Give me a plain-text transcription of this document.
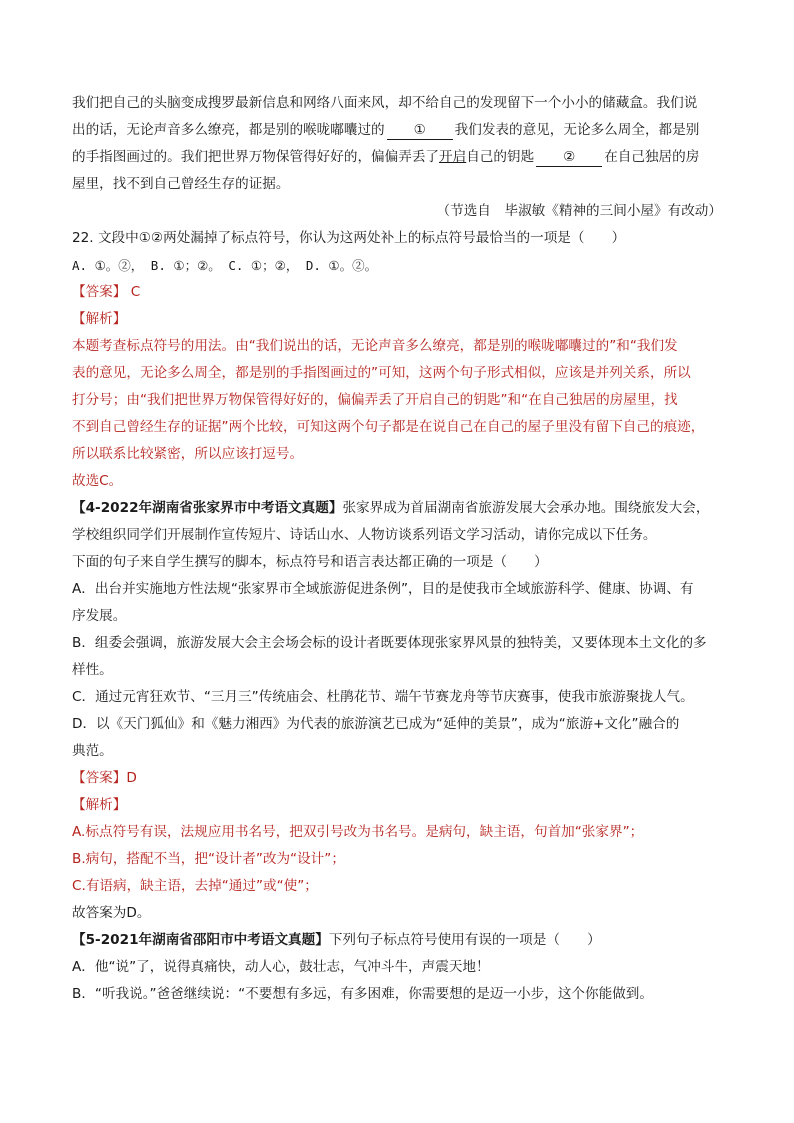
我们把自己的头脑变成搜罗最新信息和网络八面来风，却不给自己的发现留下一个小小的储藏盒。我们说
出的话，无论声音多么缭亮，都是别的喉咙嘟囔过的 ① 我们发表的意见，无论多么周全，都是别
的手指图画过的。我们把世界万物保管得好好的，偏偏弄丢了开启自己的钥匙 ② 在自己独居的房
屋里，找不到自己曾经生存的证据。
（节选自　毕淑敏《精神的三间小屋》有改动）
22. 文段中①②两处漏掉了标点符号，你认为这两处补上的标点符号最恰当的一项是（　　）
A. ①。②， B. ①；②。 C. ①；②， D. ①。②。
【答案】 C
【解析】
本题考查标点符号的用法。由“我们说出的话，无论声音多么缭亮，都是别的喉咙嘟囔过的”和“我们发
表的意见，无论多么周全，都是别的手指图画过的”可知，这两个句子形式相似，应该是并列关系，所以
打分号；由“我们把世界万物保管得好好的，偏偏弄丢了开启自己的钥匙”和“在自己独居的房屋里，找
不到自己曾经生存的证据”两个比较，可知这两个句子都是在说自己在自己的屋子里没有留下自己的痕迹，
所以联系比较紧密，所以应该打逗号。
故选C。
【4-2022年湖南省张家界市中考语文真题】张家界成为首届湖南省旅游发展大会承办地。围绕旅发大会，
学校组织同学们开展制作宣传短片、诗话山水、人物访谈系列语文学习活动，请你完成以下任务。
下面的句子来自学生撰写的脚本，标点符号和语言表达都正确的一项是（　　）
A．出台并实施地方性法规“张家界市全域旅游促进条例”，目的是使我市全域旅游科学、健康、协调、有
序发展。
B．组委会强调，旅游发展大会主会场会标的设计者既要体现张家界风景的独特美，又要体现本土文化的多
样性。
C．通过元宵狂欢节、“三月三”传统庙会、杜鹃花节、端午节赛龙舟等节庆赛事，使我市旅游聚拢人气。
D．以《天门狐仙》和《魅力湘西》为代表的旅游演艺已成为“延伸的美景”，成为“旅游+文化”融合的
典范。
【答案】D
【解析】
A.标点符号有误，法规应用书名号，把双引号改为书名号。是病句，缺主语，句首加“张家界”；
B.病句，搭配不当，把“设计者”改为“设计”；
C.有语病，缺主语，去掉“通过”或“使”；
故答案为D。
【5-2021年湖南省邵阳市中考语文真题】下列句子标点符号使用有误的一项是（　　）
A．他“说”了，说得真痛快，动人心，鼓壮志，气冲斗牛，声震天地！
B．“听我说。”爸爸继续说：“不要想有多远，有多困难，你需要想的是迈一小步，这个你能做到。
